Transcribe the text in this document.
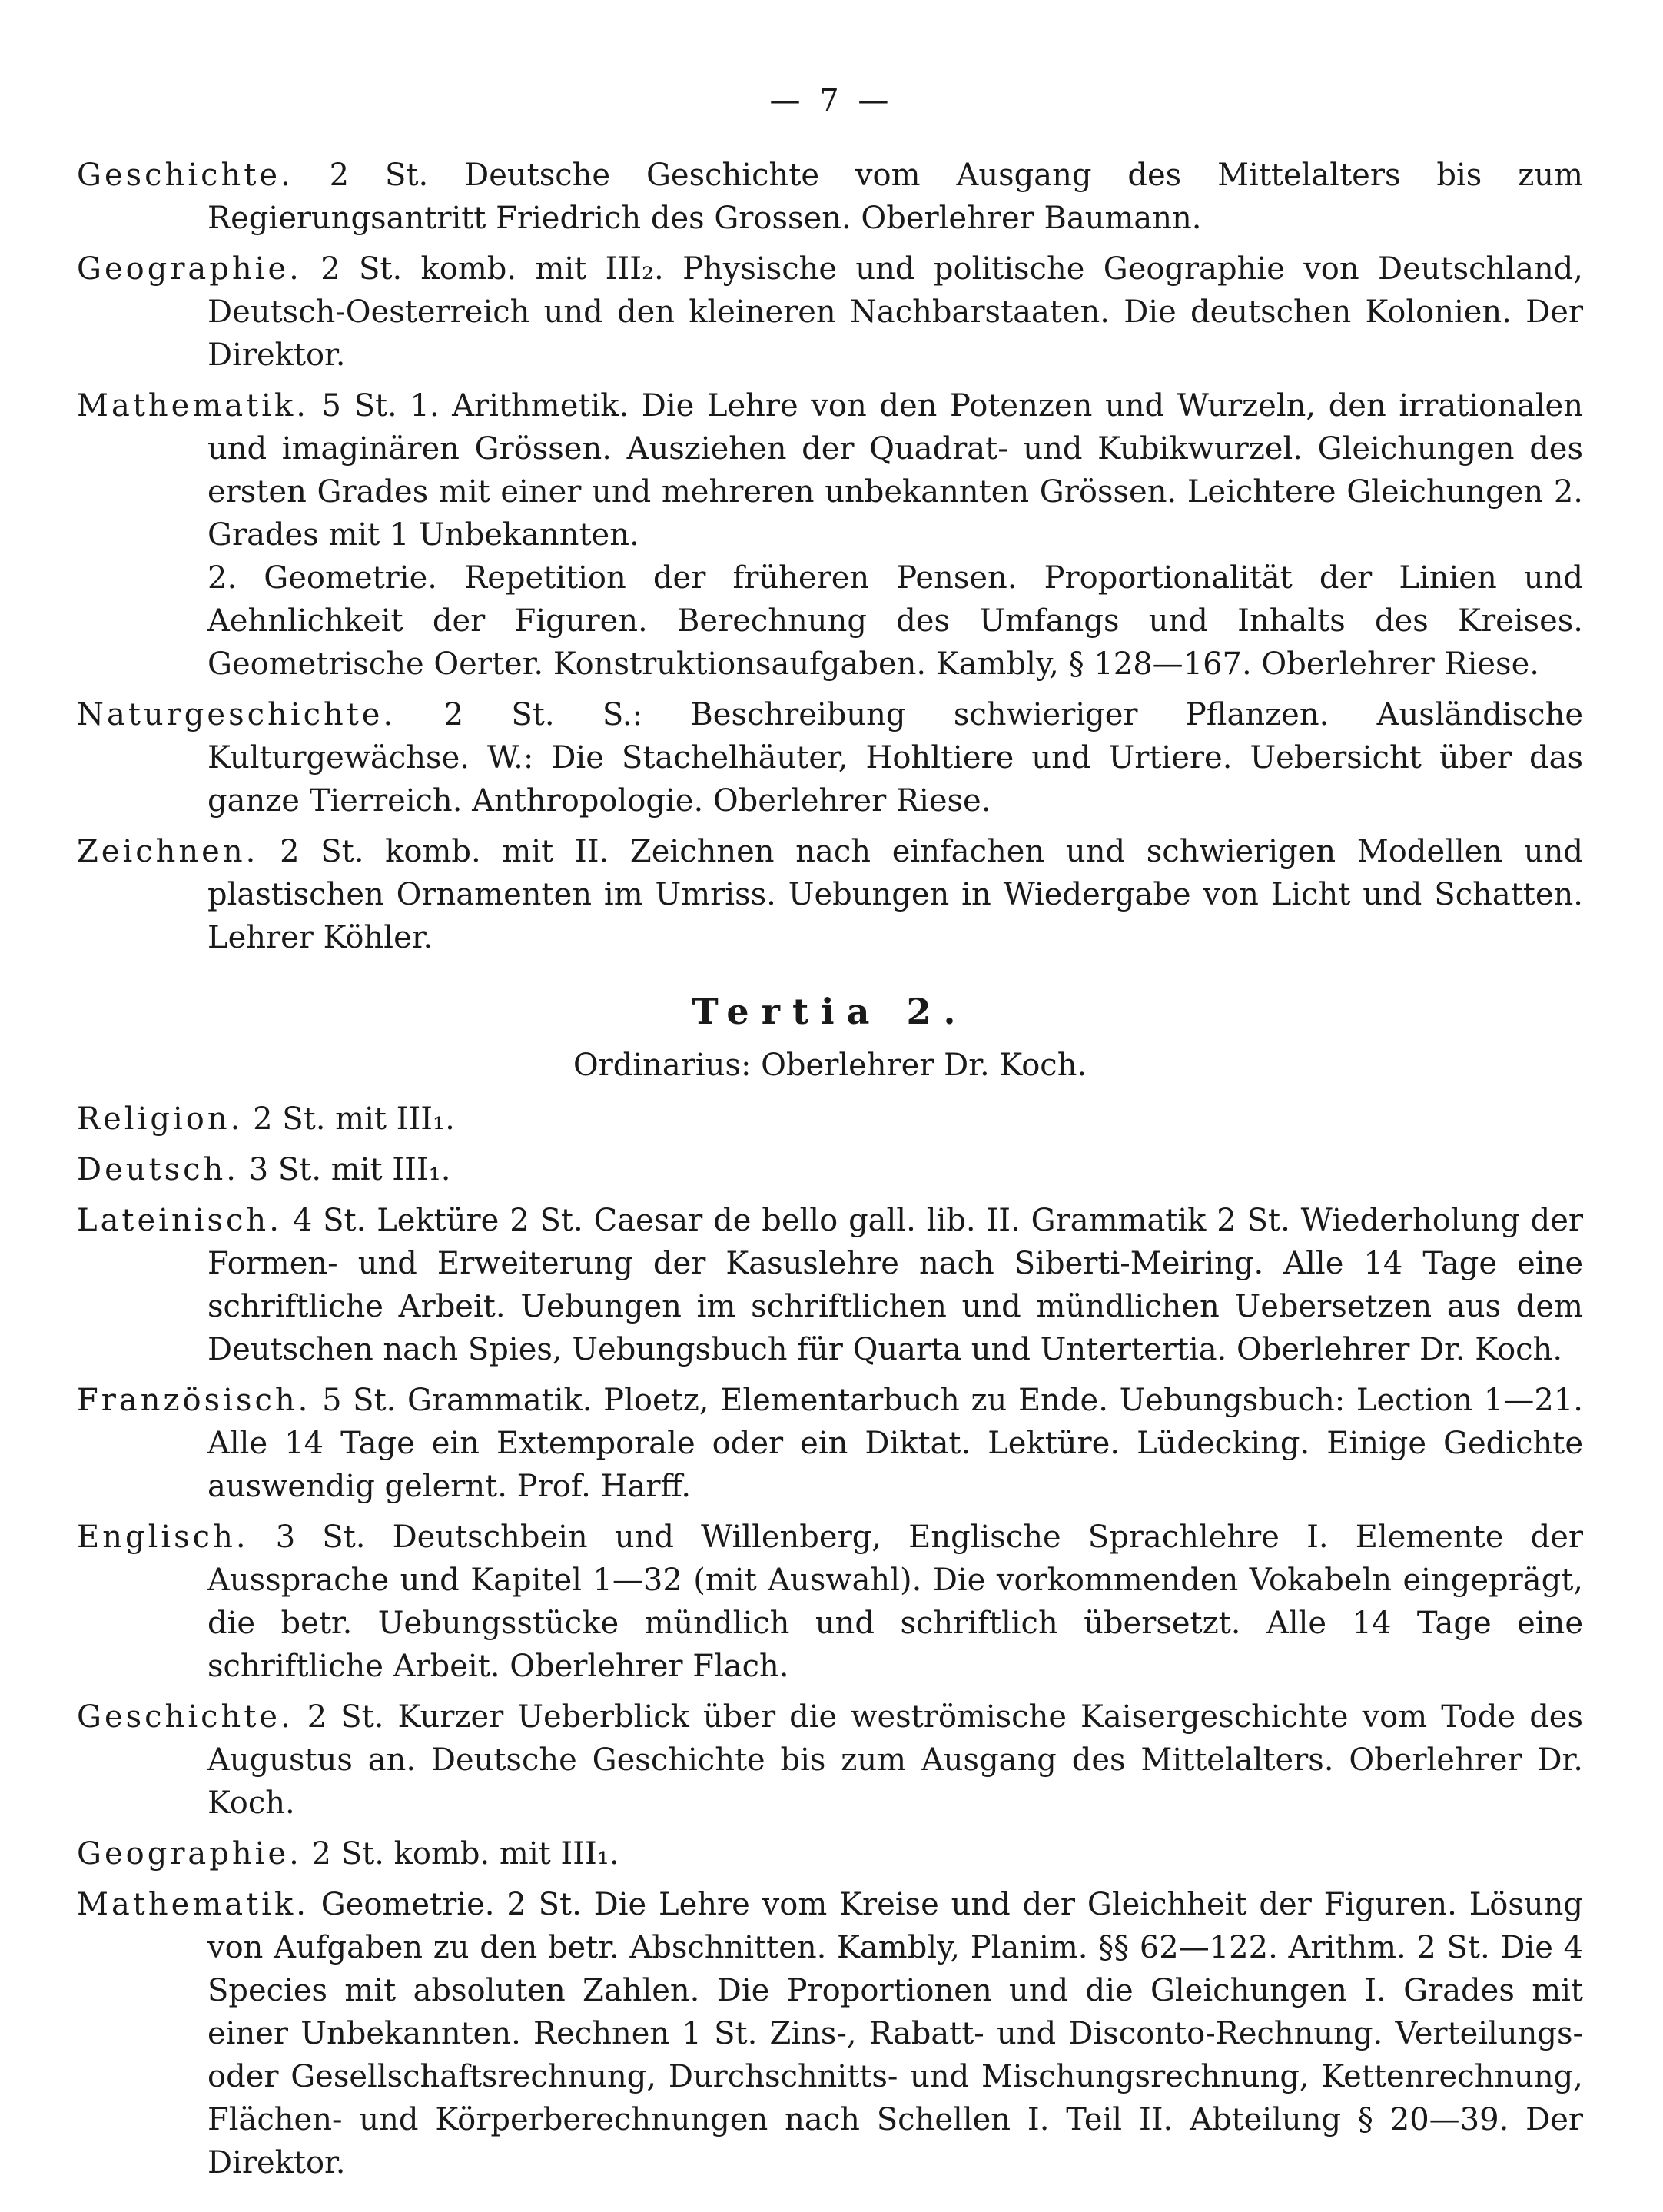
— 7 —
Geschichte. 2 St. Deutsche Geschichte vom Ausgang des Mittelalters bis zum Regierungsantritt Friedrich des Grossen. Oberlehrer Baumann.
Geographie. 2 St. komb. mit III₂. Physische und politische Geographie von Deutschland, Deutsch-Oesterreich und den kleineren Nachbarstaaten. Die deutschen Kolonien. Der Direktor.
Mathematik. 5 St. 1. Arithmetik. Die Lehre von den Potenzen und Wurzeln, den irrationalen und imaginären Grössen. Ausziehen der Quadrat- und Kubikwurzel. Gleichungen des ersten Grades mit einer und mehreren unbekannten Grössen. Leichtere Gleichungen 2. Grades mit 1 Unbekannten.
2. Geometrie. Repetition der früheren Pensen. Proportionalität der Linien und Aehnlichkeit der Figuren. Berechnung des Umfangs und Inhalts des Kreises. Geometrische Oerter. Konstruktionsaufgaben. Kambly, § 128—167. Oberlehrer Riese.
Naturgeschichte. 2 St. S.: Beschreibung schwieriger Pflanzen. Ausländische Kulturgewächse. W.: Die Stachelhäuter, Hohltiere und Urtiere. Uebersicht über das ganze Tierreich. Anthropologie. Oberlehrer Riese.
Zeichnen. 2 St. komb. mit II. Zeichnen nach einfachen und schwierigen Modellen und plastischen Ornamenten im Umriss. Uebungen in Wiedergabe von Licht und Schatten. Lehrer Köhler.
Tertia 2.
Ordinarius: Oberlehrer Dr. Koch.
Religion. 2 St. mit III₁.
Deutsch. 3 St. mit III₁.
Lateinisch. 4 St. Lektüre 2 St. Caesar de bello gall. lib. II. Grammatik 2 St. Wiederholung der Formen- und Erweiterung der Kasuslehre nach Siberti-Meiring. Alle 14 Tage eine schriftliche Arbeit. Uebungen im schriftlichen und mündlichen Uebersetzen aus dem Deutschen nach Spies, Uebungsbuch für Quarta und Untertertia. Oberlehrer Dr. Koch.
Französisch. 5 St. Grammatik. Ploetz, Elementarbuch zu Ende. Uebungsbuch: Lection 1—21. Alle 14 Tage ein Extemporale oder ein Diktat. Lektüre. Lüdecking. Einige Gedichte auswendig gelernt. Prof. Harff.
Englisch. 3 St. Deutschbein und Willenberg, Englische Sprachlehre I. Elemente der Aussprache und Kapitel 1—32 (mit Auswahl). Die vorkommenden Vokabeln eingeprägt, die betr. Uebungsstücke mündlich und schriftlich übersetzt. Alle 14 Tage eine schriftliche Arbeit. Oberlehrer Flach.
Geschichte. 2 St. Kurzer Ueberblick über die weströmische Kaisergeschichte vom Tode des Augustus an. Deutsche Geschichte bis zum Ausgang des Mittelalters. Oberlehrer Dr. Koch.
Geographie. 2 St. komb. mit III₁.
Mathematik. Geometrie. 2 St. Die Lehre vom Kreise und der Gleichheit der Figuren. Lösung von Aufgaben zu den betr. Abschnitten. Kambly, Planim. §§ 62—122. Arithm. 2 St. Die 4 Species mit absoluten Zahlen. Die Proportionen und die Gleichungen I. Grades mit einer Unbekannten. Rechnen 1 St. Zins-, Rabatt- und Disconto-Rechnung. Verteilungs- oder Gesellschaftsrechnung, Durchschnitts- und Mischungsrechnung, Kettenrechnung, Flächen- und Körperberechnungen nach Schellen I. Teil II. Abteilung § 20—39. Der Direktor.
